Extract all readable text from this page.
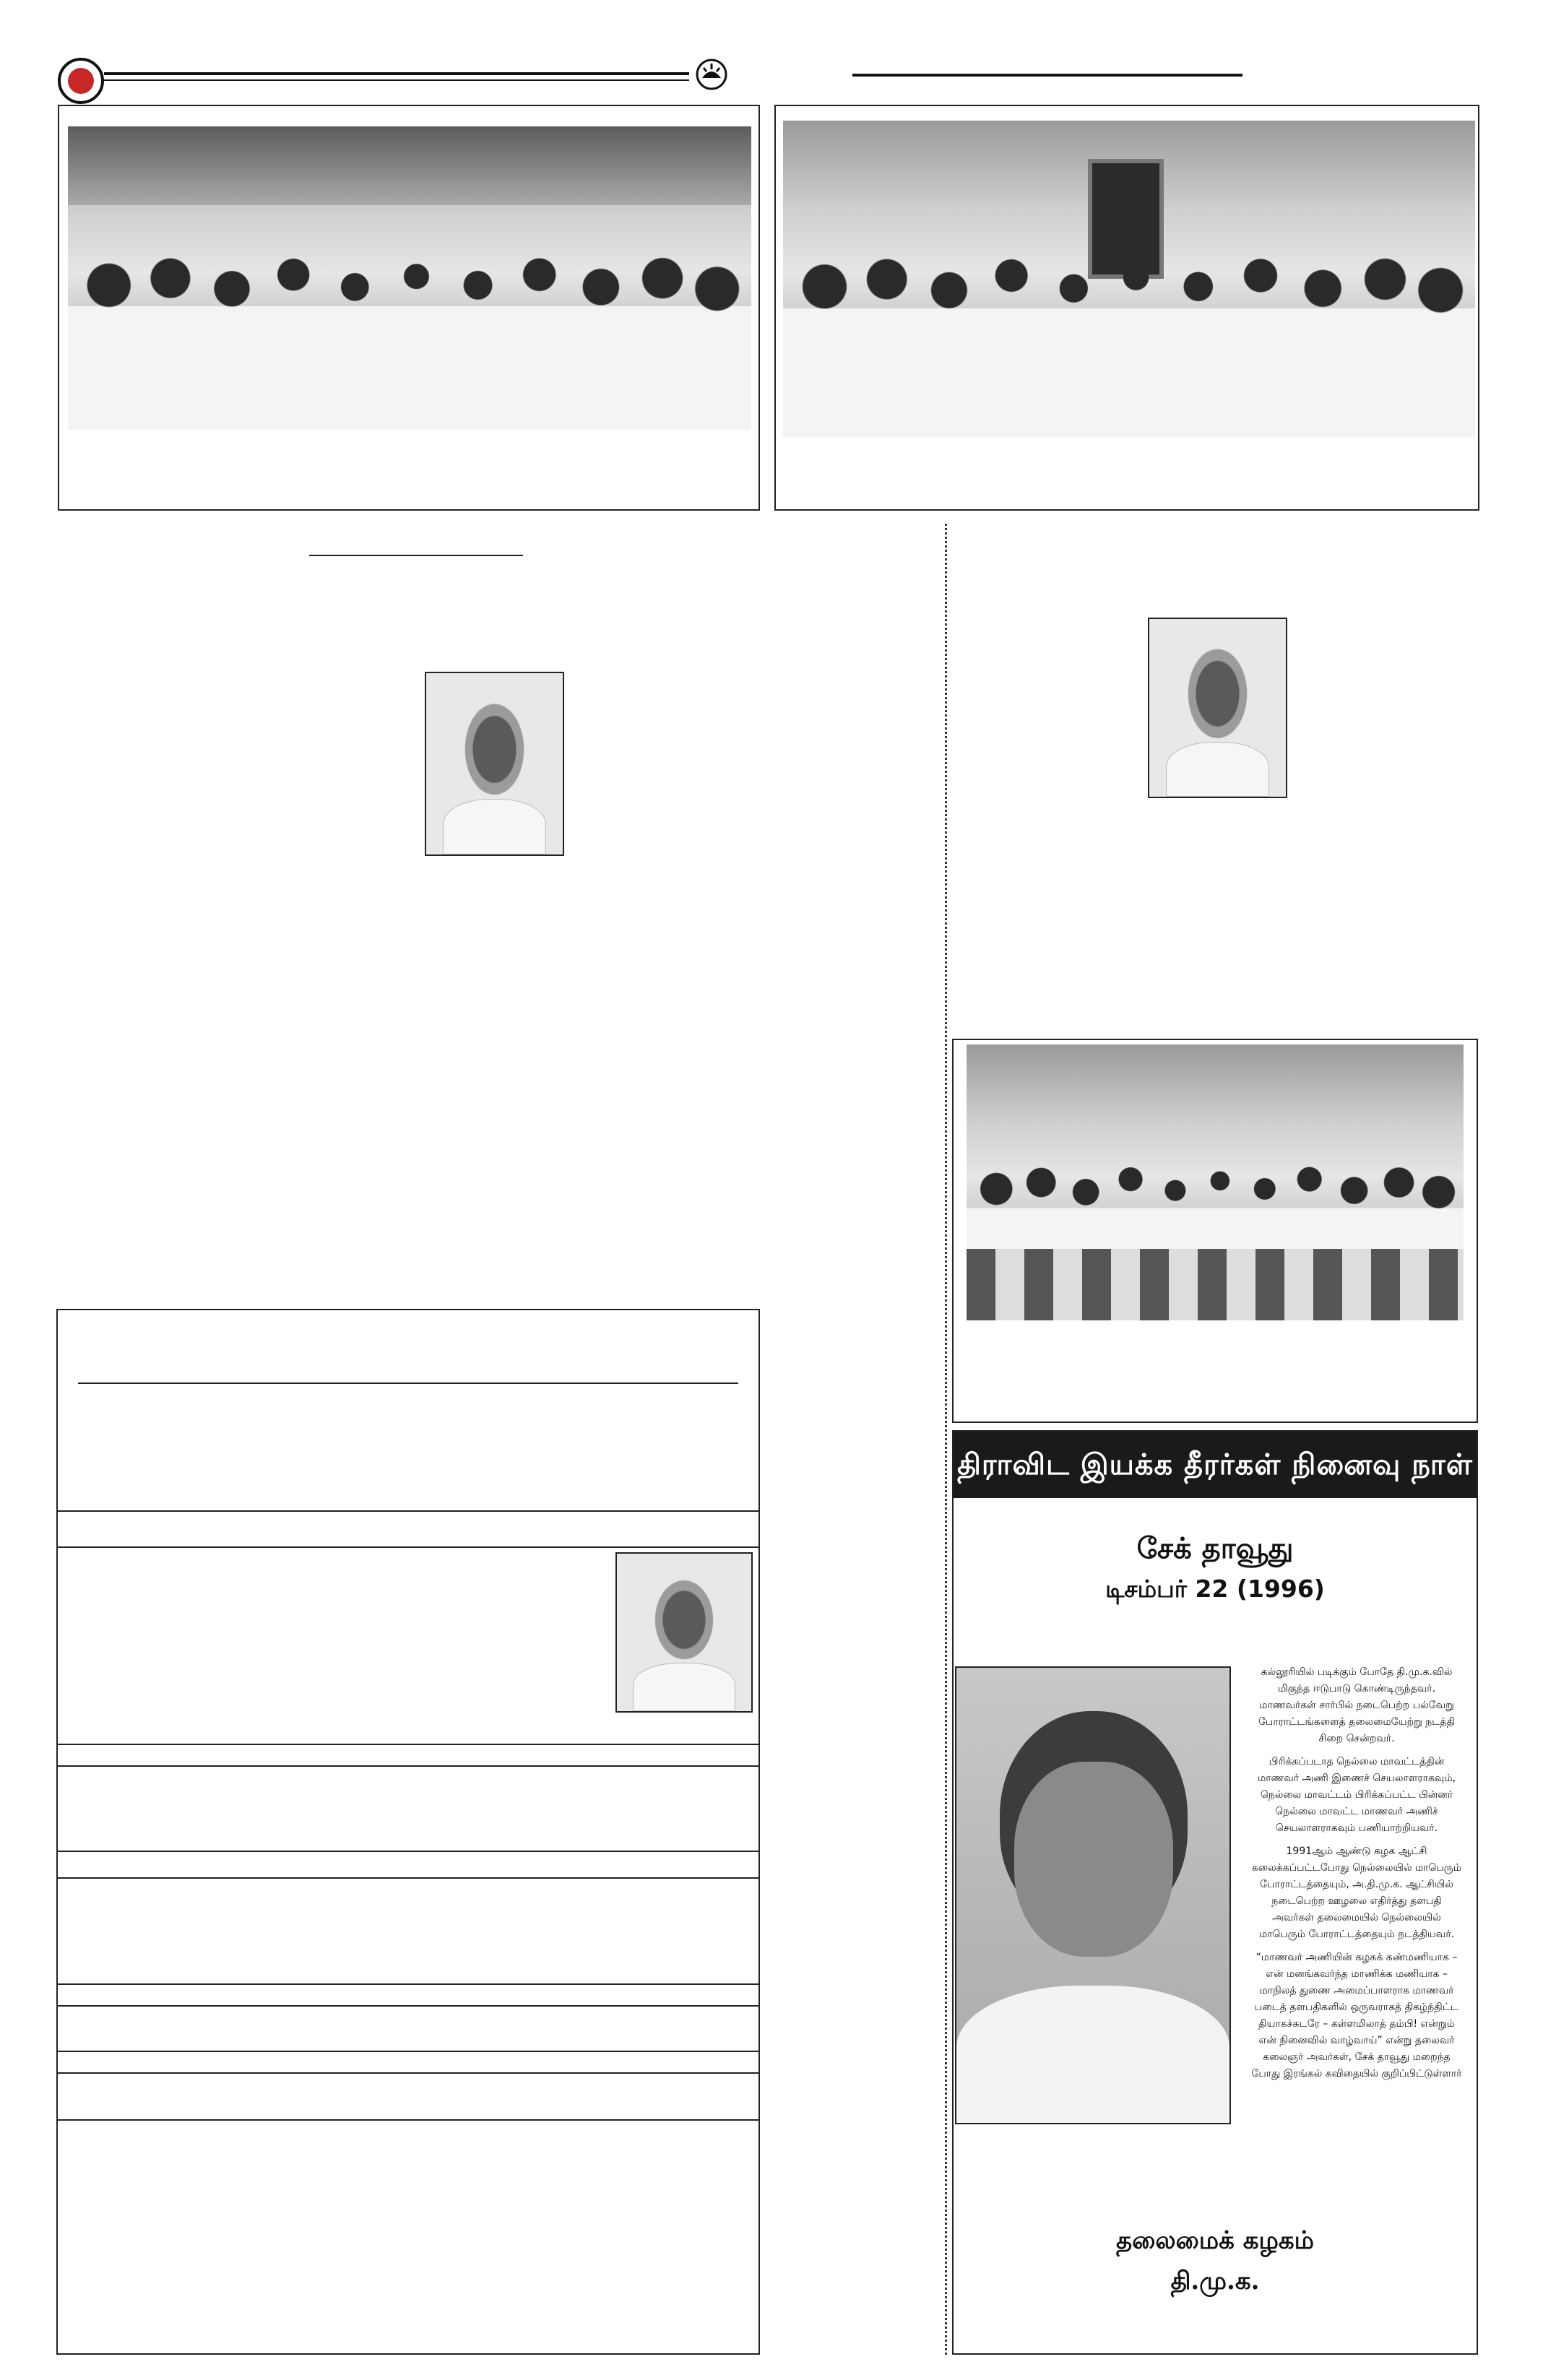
திராவிட இயக்க தீரர்கள் நினைவு நாள்
சேக் தாவூது
டிசம்பர் 22 (1996)

கல்லூரியில் படிக்கும் போதே தி.மு.க.வில் மிகுந்த ஈடுபாடு கொண்டிருந்தவர். மாணவர்கள் சார்பில் நடைபெற்ற பல்வேறு போராட்டங்களைத் தலைமையேற்று நடத்தி சிறை சென்றவர்.

பிரிக்கப்படாத நெல்லை மாவட்டத்தின் மாணவர் அணி இணைச் செயலாளராகவும், நெல்லை மாவட்டம் பிரிக்கப்பட்ட பின்னர் நெல்லை மாவட்ட மாணவர் அணிச் செயலாளராகவும் பணியாற்றியவர்.

1991ஆம் ஆண்டு கழக ஆட்சி கலைக்கப்பட்டபோது நெல்லையில் மாபெரும் போராட்டத்தையும், அ.தி.மு.க. ஆட்சியில் நடைபெற்ற ஊழலை எதிர்த்து தளபதி அவர்கள் தலைமையில் நெல்லையில் மாபெரும் போராட்டத்தையும் நடத்தியவர்.

“மாணவர் அணியின் கழகக் கண்மணியாக – என் மனங்கவர்ந்த மாணிக்க மணியாக – மாநிலத் துணை அமைப்பாளராக மாணவர் படைத் தளபதிகளில் ஒருவராகத் திகழ்ந்திட்ட தியாகச்சுடரே – கள்ளமிலாத் தம்பி! என்றும் என் நினைவில் வாழ்வாய்” என்று தலைவர் கலைஞர் அவர்கள், சேக் தாவூது மறைந்த போது இரங்கல் கவிதையில் குறிப்பிட்டுள்ளார்

தலைமைக் கழகம்
தி.மு.க.
